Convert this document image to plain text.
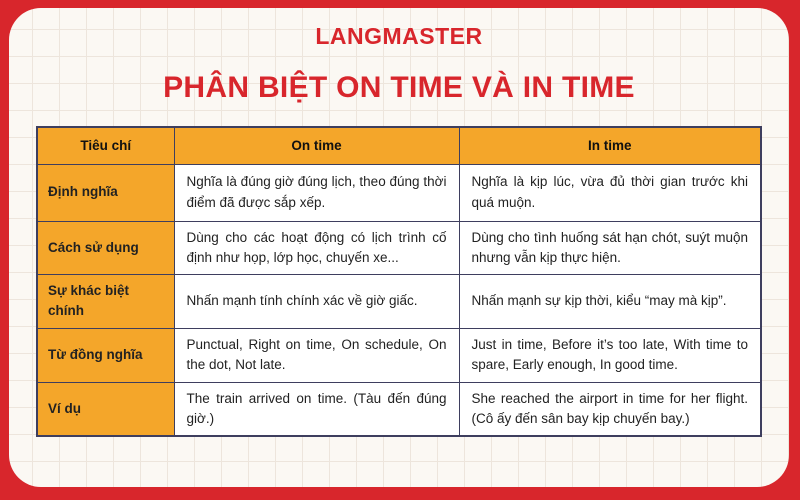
LANGMASTER
PHÂN BIỆT ON TIME VÀ IN TIME
Tiêu chí	On time	In time
Định nghĩa	Nghĩa là đúng giờ đúng lịch, theo đúng thời điểm đã được sắp xếp.	Nghĩa là kịp lúc, vừa đủ thời gian trước khi quá muộn.
Cách sử dụng	Dùng cho các hoạt động có lịch trình cố định như họp, lớp học, chuyến xe...	Dùng cho tình huống sát hạn chót, suýt muộn nhưng vẫn kịp thực hiện.
Sự khác biệt chính	Nhấn mạnh tính chính xác về giờ giấc.	Nhấn mạnh sự kịp thời, kiểu “may mà kịp”.
Từ đồng nghĩa	Punctual, Right on time, On schedule, On the dot, Not late.	Just in time, Before it’s too late, With time to spare, Early enough, In good time.
Ví dụ	The train arrived on time. (Tàu đến đúng giờ.)	She reached the airport in time for her flight. (Cô ấy đến sân bay kịp chuyến bay.)
